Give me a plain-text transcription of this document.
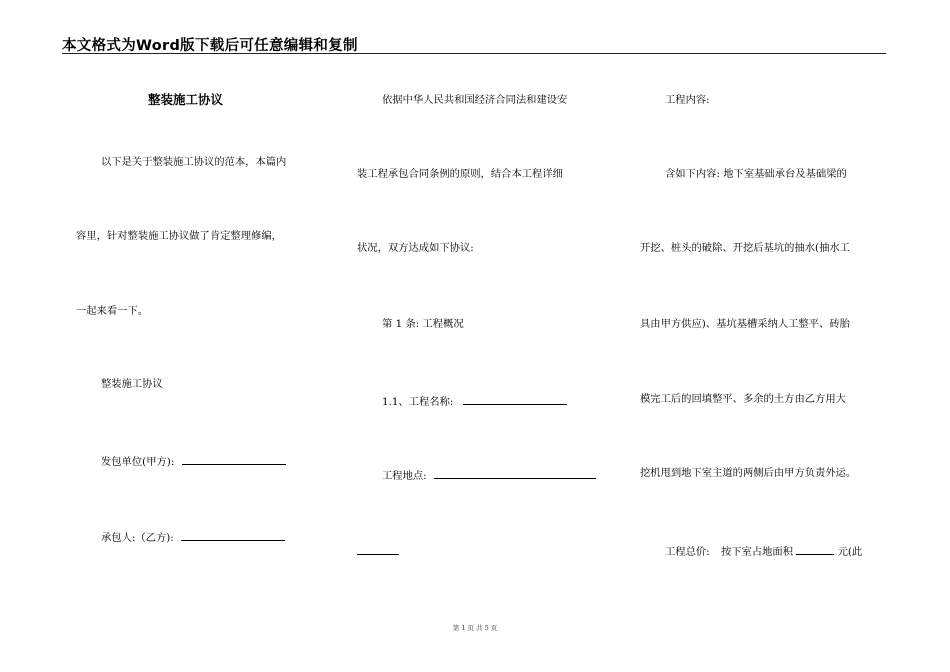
本文格式为Word版下载后可任意编辑和复制
整装施工协议
以下是关于整装施工协议的范本，本篇内
容里，针对整装施工协议做了肯定整理修编，
一起来看一下。
整装施工协议
发包单位(甲方):
承包人:（乙方):
依据中华人民共和国经济合同法和建设安
装工程承包合同条例的原则，结合本工程详细
状况，双方达成如下协议:
第 1 条: 工程概况
1.1、工程名称:
工程地点:
工程内容:
含如下内容: 地下室基础承台及基础梁的
开挖、桩头的破除、开挖后基坑的抽水(抽水工
具由甲方供应)、基坑基槽采纳人工整平、砖胎
模完工后的回填整平、多余的土方由乙方用大
挖机甩到地下室主道的两侧后由甲方负责外运。
工程总价: 按下室占地面积	元(此
第 1 页 共 5 页
